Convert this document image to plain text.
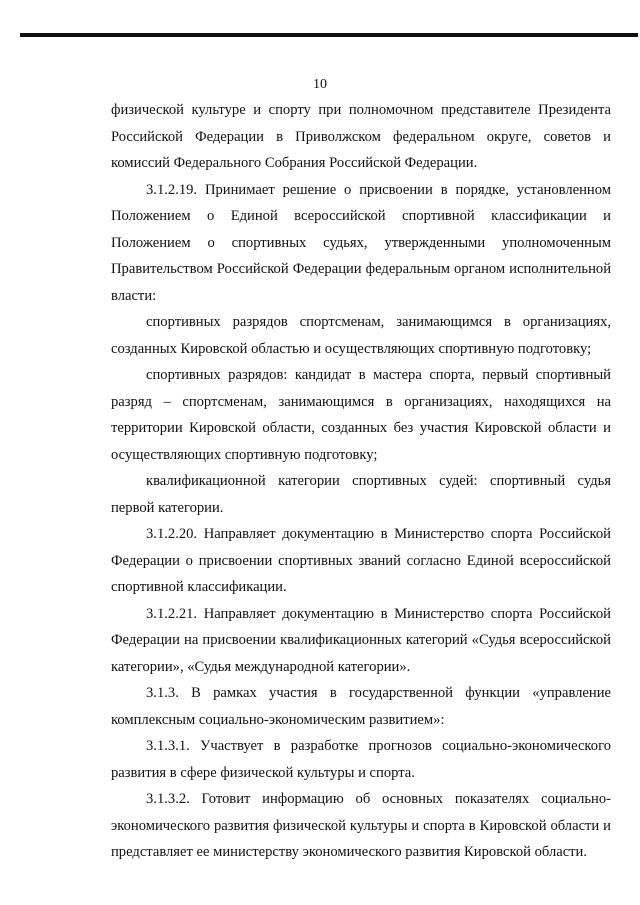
10

физической культуре и спорту при полномочном представителе Президента Российской Федерации в Приволжском федеральном округе, советов и комиссий Федерального Собрания Российской Федерации.

3.1.2.19. Принимает решение о присвоении в порядке, установленном Положением о Единой всероссийской спортивной классификации и Положением о спортивных судьях, утвержденными уполномоченным Правительством Российской Федерации федеральным органом исполнительной власти:

спортивных разрядов спортсменам, занимающимся в организациях, созданных Кировской областью и осуществляющих спортивную подготовку;

спортивных разрядов: кандидат в мастера спорта, первый спортивный разряд – спортсменам, занимающимся в организациях, находящихся на территории Кировской области, созданных без участия Кировской области и осуществляющих спортивную подготовку;

квалификационной категории спортивных судей: спортивный судья первой категории.

3.1.2.20. Направляет документацию в Министерство спорта Российской Федерации о присвоении спортивных званий согласно Единой всероссийской спортивной классификации.

3.1.2.21. Направляет документацию в Министерство спорта Российской Федерации на присвоении квалификационных категорий «Судья всероссийской категории», «Судья международной категории».

3.1.3. В рамках участия в государственной функции «управление комплексным социально-экономическим развитием»:

3.1.3.1. Участвует в разработке прогнозов социально-экономического развития в сфере физической культуры и спорта.

3.1.3.2. Готовит информацию об основных показателях социально-экономического развития физической культуры и спорта в Кировской области и представляет ее министерству экономического развития Кировской области.
